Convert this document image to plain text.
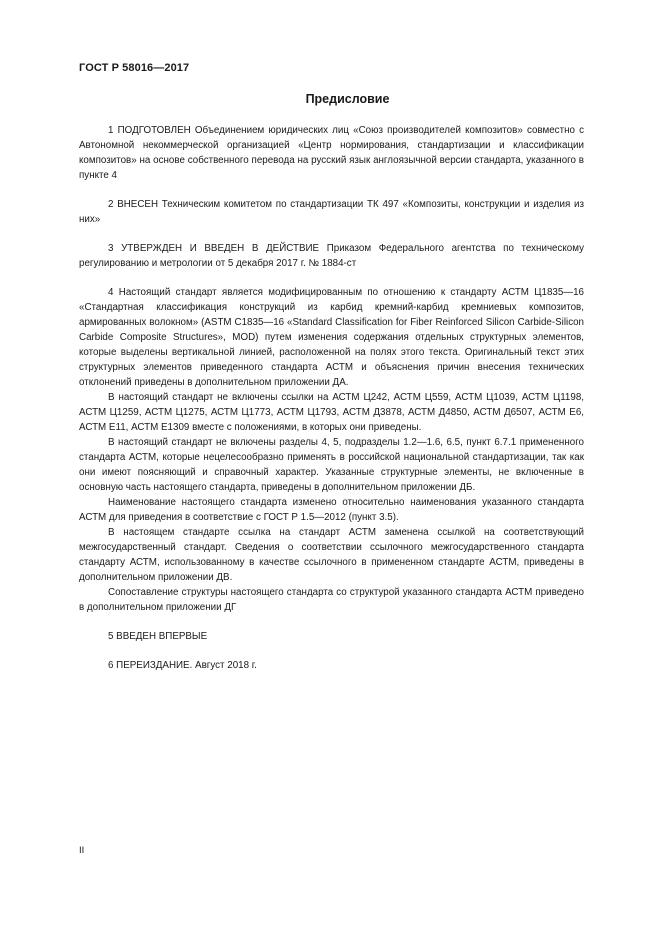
ГОСТ Р 58016—2017
Предисловие

1 ПОДГОТОВЛЕН Объединением юридических лиц «Союз производителей композитов» совместно с Автономной некоммерческой организацией «Центр нормирования, стандартизации и классификации композитов» на основе собственного перевода на русский язык англоязычной версии стандарта, указанного в пункте 4

2 ВНЕСЕН Техническим комитетом по стандартизации ТК 497 «Композиты, конструкции и изделия из них»

3 УТВЕРЖДЕН И ВВЕДЕН В ДЕЙСТВИЕ Приказом Федерального агентства по техническому регулированию и метрологии от 5 декабря 2017 г. № 1884-ст

4 Настоящий стандарт является модифицированным по отношению к стандарту АСТМ Ц1835—16 «Стандартная классификация конструкций из карбид кремний-карбид кремниевых композитов, армированных волокном» (ASTM C1835—16 «Standard Classification for Fiber Reinforced Silicon Carbide-Silicon Carbide Composite Structures», MOD) путем изменения содержания отдельных структурных элементов, которые выделены вертикальной линией, расположенной на полях этого текста. Оригинальный текст этих структурных элементов приведенного стандарта АСТМ и объяснения причин внесения технических отклонений приведены в дополнительном приложении ДА.

В настоящий стандарт не включены ссылки на АСТМ Ц242, АСТМ Ц559, АСТМ Ц1039, АСТМ Ц1198, АСТМ Ц1259, АСТМ Ц1275, АСТМ Ц1773, АСТМ Ц1793, АСТМ Д3878, АСТМ Д4850, АСТМ Д6507, АСТМ Е6, АСТМ Е11, АСТМ Е1309 вместе с положениями, в которых они приведены.

В настоящий стандарт не включены разделы 4, 5, подразделы 1.2—1.6, 6.5, пункт 6.7.1 примененного стандарта АСТМ, которые нецелесообразно применять в российской национальной стандартизации, так как они имеют поясняющий и справочный характер. Указанные структурные элементы, не включенные в основную часть настоящего стандарта, приведены в дополнительном приложении ДБ.

Наименование настоящего стандарта изменено относительно наименования указанного стандарта АСТМ для приведения в соответствие с ГОСТ Р 1.5—2012 (пункт 3.5).

В настоящем стандарте ссылка на стандарт АСТМ заменена ссылкой на соответствующий межгосударственный стандарт. Сведения о соответствии ссылочного межгосударственного стандарта стандарту АСТМ, использованному в качестве ссылочного в примененном стандарте АСТМ, приведены в дополнительном приложении ДВ.

Сопоставление структуры настоящего стандарта со структурой указанного стандарта АСТМ приведено в дополнительном приложении ДГ

5 ВВЕДЕН ВПЕРВЫЕ

6 ПЕРЕИЗДАНИЕ. Август 2018 г.

II
